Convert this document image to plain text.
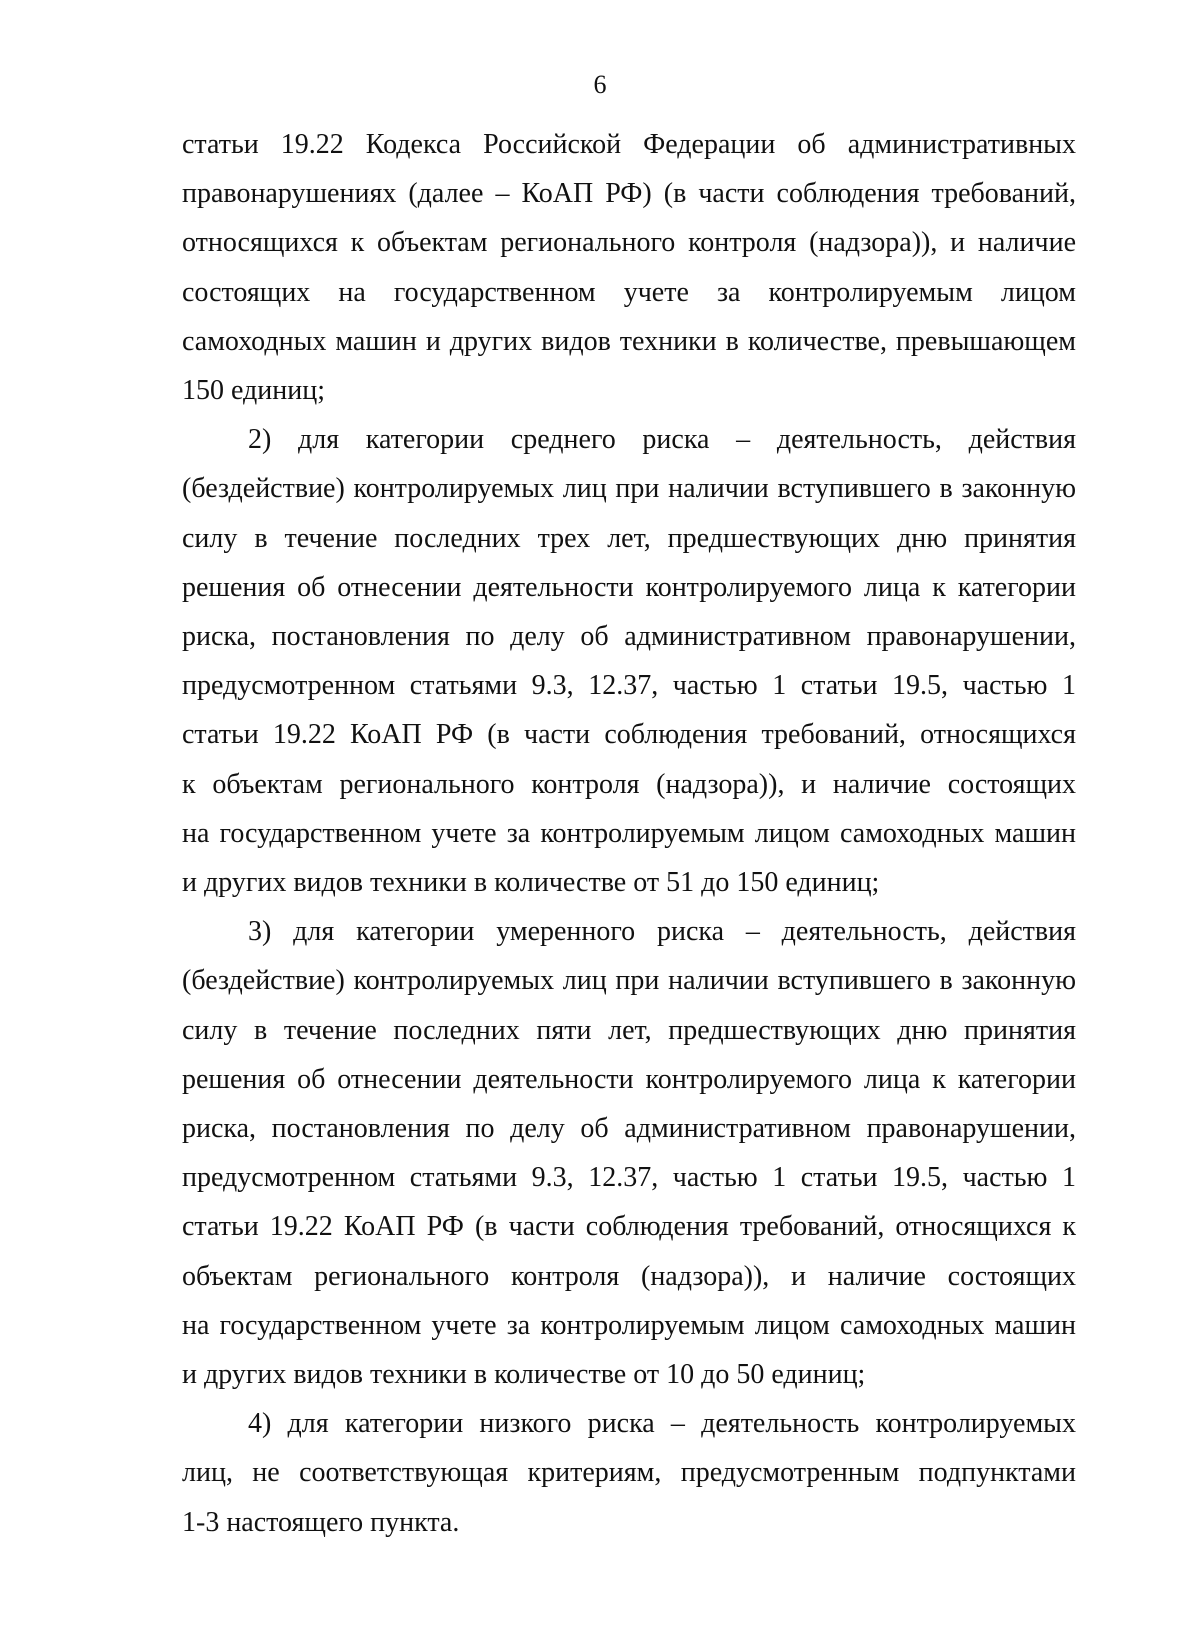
6

статьи 19.22 Кодекса Российской Федерации об административных
правонарушениях (далее – КоАП РФ) (в части соблюдения требований,
относящихся к объектам регионального контроля (надзора)), и наличие
состоящих на государственном учете за контролируемым лицом
самоходных машин и других видов техники в количестве, превышающем
150 единиц;

2) для категории среднего риска – деятельность, действия
(бездействие) контролируемых лиц при наличии вступившего в законную
силу в течение последних трех лет, предшествующих дню принятия
решения об отнесении деятельности контролируемого лица к категории
риска, постановления по делу об административном правонарушении,
предусмотренном статьями 9.3, 12.37, частью 1 статьи 19.5, частью 1
статьи 19.22 КоАП РФ (в части соблюдения требований, относящихся
к объектам регионального контроля (надзора)), и наличие состоящих
на государственном учете за контролируемым лицом самоходных машин
и других видов техники в количестве от 51 до 150 единиц;

3) для категории умеренного риска – деятельность, действия
(бездействие) контролируемых лиц при наличии вступившего в законную
силу в течение последних пяти лет, предшествующих дню принятия
решения об отнесении деятельности контролируемого лица к категории
риска, постановления по делу об административном правонарушении,
предусмотренном статьями 9.3, 12.37, частью 1 статьи 19.5, частью 1
статьи 19.22 КоАП РФ (в части соблюдения требований, относящихся к
объектам регионального контроля (надзора)), и наличие состоящих
на государственном учете за контролируемым лицом самоходных машин
и других видов техники в количестве от 10 до 50 единиц;

4) для категории низкого риска – деятельность контролируемых
лиц, не соответствующая критериям, предусмотренным подпунктами
1-3 настоящего пункта.
